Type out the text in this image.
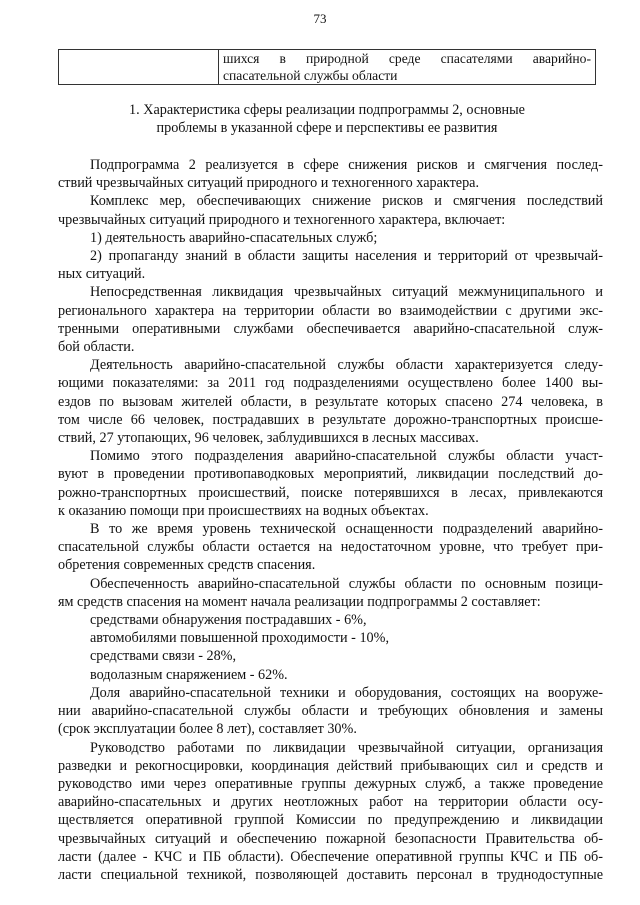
73

шихся в природной среде спасателями аварийно-
спасательной службы области
1. Характеристика сферы реализации подпрограммы 2, основные
проблемы в указанной сфере и перспективы ее развития
Подпрограмма 2 реализуется в сфере снижения рисков и смягчения послед-
ствий чрезвычайных ситуаций природного и техногенного характера.
Комплекс мер, обеспечивающих снижение рисков и смягчения последствий
чрезвычайных ситуаций природного и техногенного характера, включает:
1) деятельность аварийно-спасательных служб;
2) пропаганду знаний в области защиты населения и территорий от чрезвычай-
ных ситуаций.
Непосредственная ликвидация чрезвычайных ситуаций межмуниципального и
регионального характера на территории области во взаимодействии с другими экс-
тренными оперативными службами обеспечивается аварийно-спасательной служ-
бой области.
Деятельность аварийно-спасательной службы области характеризуется следу-
ющими показателями: за 2011 год подразделениями осуществлено более 1400 вы-
ездов по вызовам жителей области, в результате которых спасено 274 человека, в
том числе 66 человек, пострадавших в результате дорожно-транспортных происше-
ствий, 27 утопающих, 96 человек, заблудившихся в лесных массивах.
Помимо этого подразделения аварийно-спасательной службы области участ-
вуют в проведении противопаводковых мероприятий, ликвидации последствий до-
рожно-транспортных происшествий, поиске потерявшихся в лесах, привлекаются
к оказанию помощи при происшествиях на водных объектах.
В то же время уровень технической оснащенности подразделений аварийно-
спасательной службы области остается на недостаточном уровне, что требует при-
обретения современных средств спасения.
Обеспеченность аварийно-спасательной службы области по основным позици-
ям средств спасения на момент начала реализации подпрограммы 2 составляет:
средствами обнаружения пострадавших - 6%,
автомобилями повышенной проходимости - 10%,
средствами связи - 28%,
водолазным снаряжением - 62%.
Доля аварийно-спасательной техники и оборудования, состоящих на вооруже-
нии аварийно-спасательной службы области и требующих обновления и замены
(срок эксплуатации более 8 лет), составляет 30%.
Руководство работами по ликвидации чрезвычайной ситуации, организация
разведки и рекогносцировки, координация действий прибывающих сил и средств и
руководство ими через оперативные группы дежурных служб, а также проведение
аварийно-спасательных и других неотложных работ на территории области осу-
ществляется оперативной группой Комиссии по предупреждению и ликвидации
чрезвычайных ситуаций и обеспечению пожарной безопасности Правительства об-
ласти (далее - КЧС и ПБ области). Обеспечение оперативной группы КЧС и ПБ об-
ласти специальной техникой, позволяющей доставить персонал в труднодоступные
